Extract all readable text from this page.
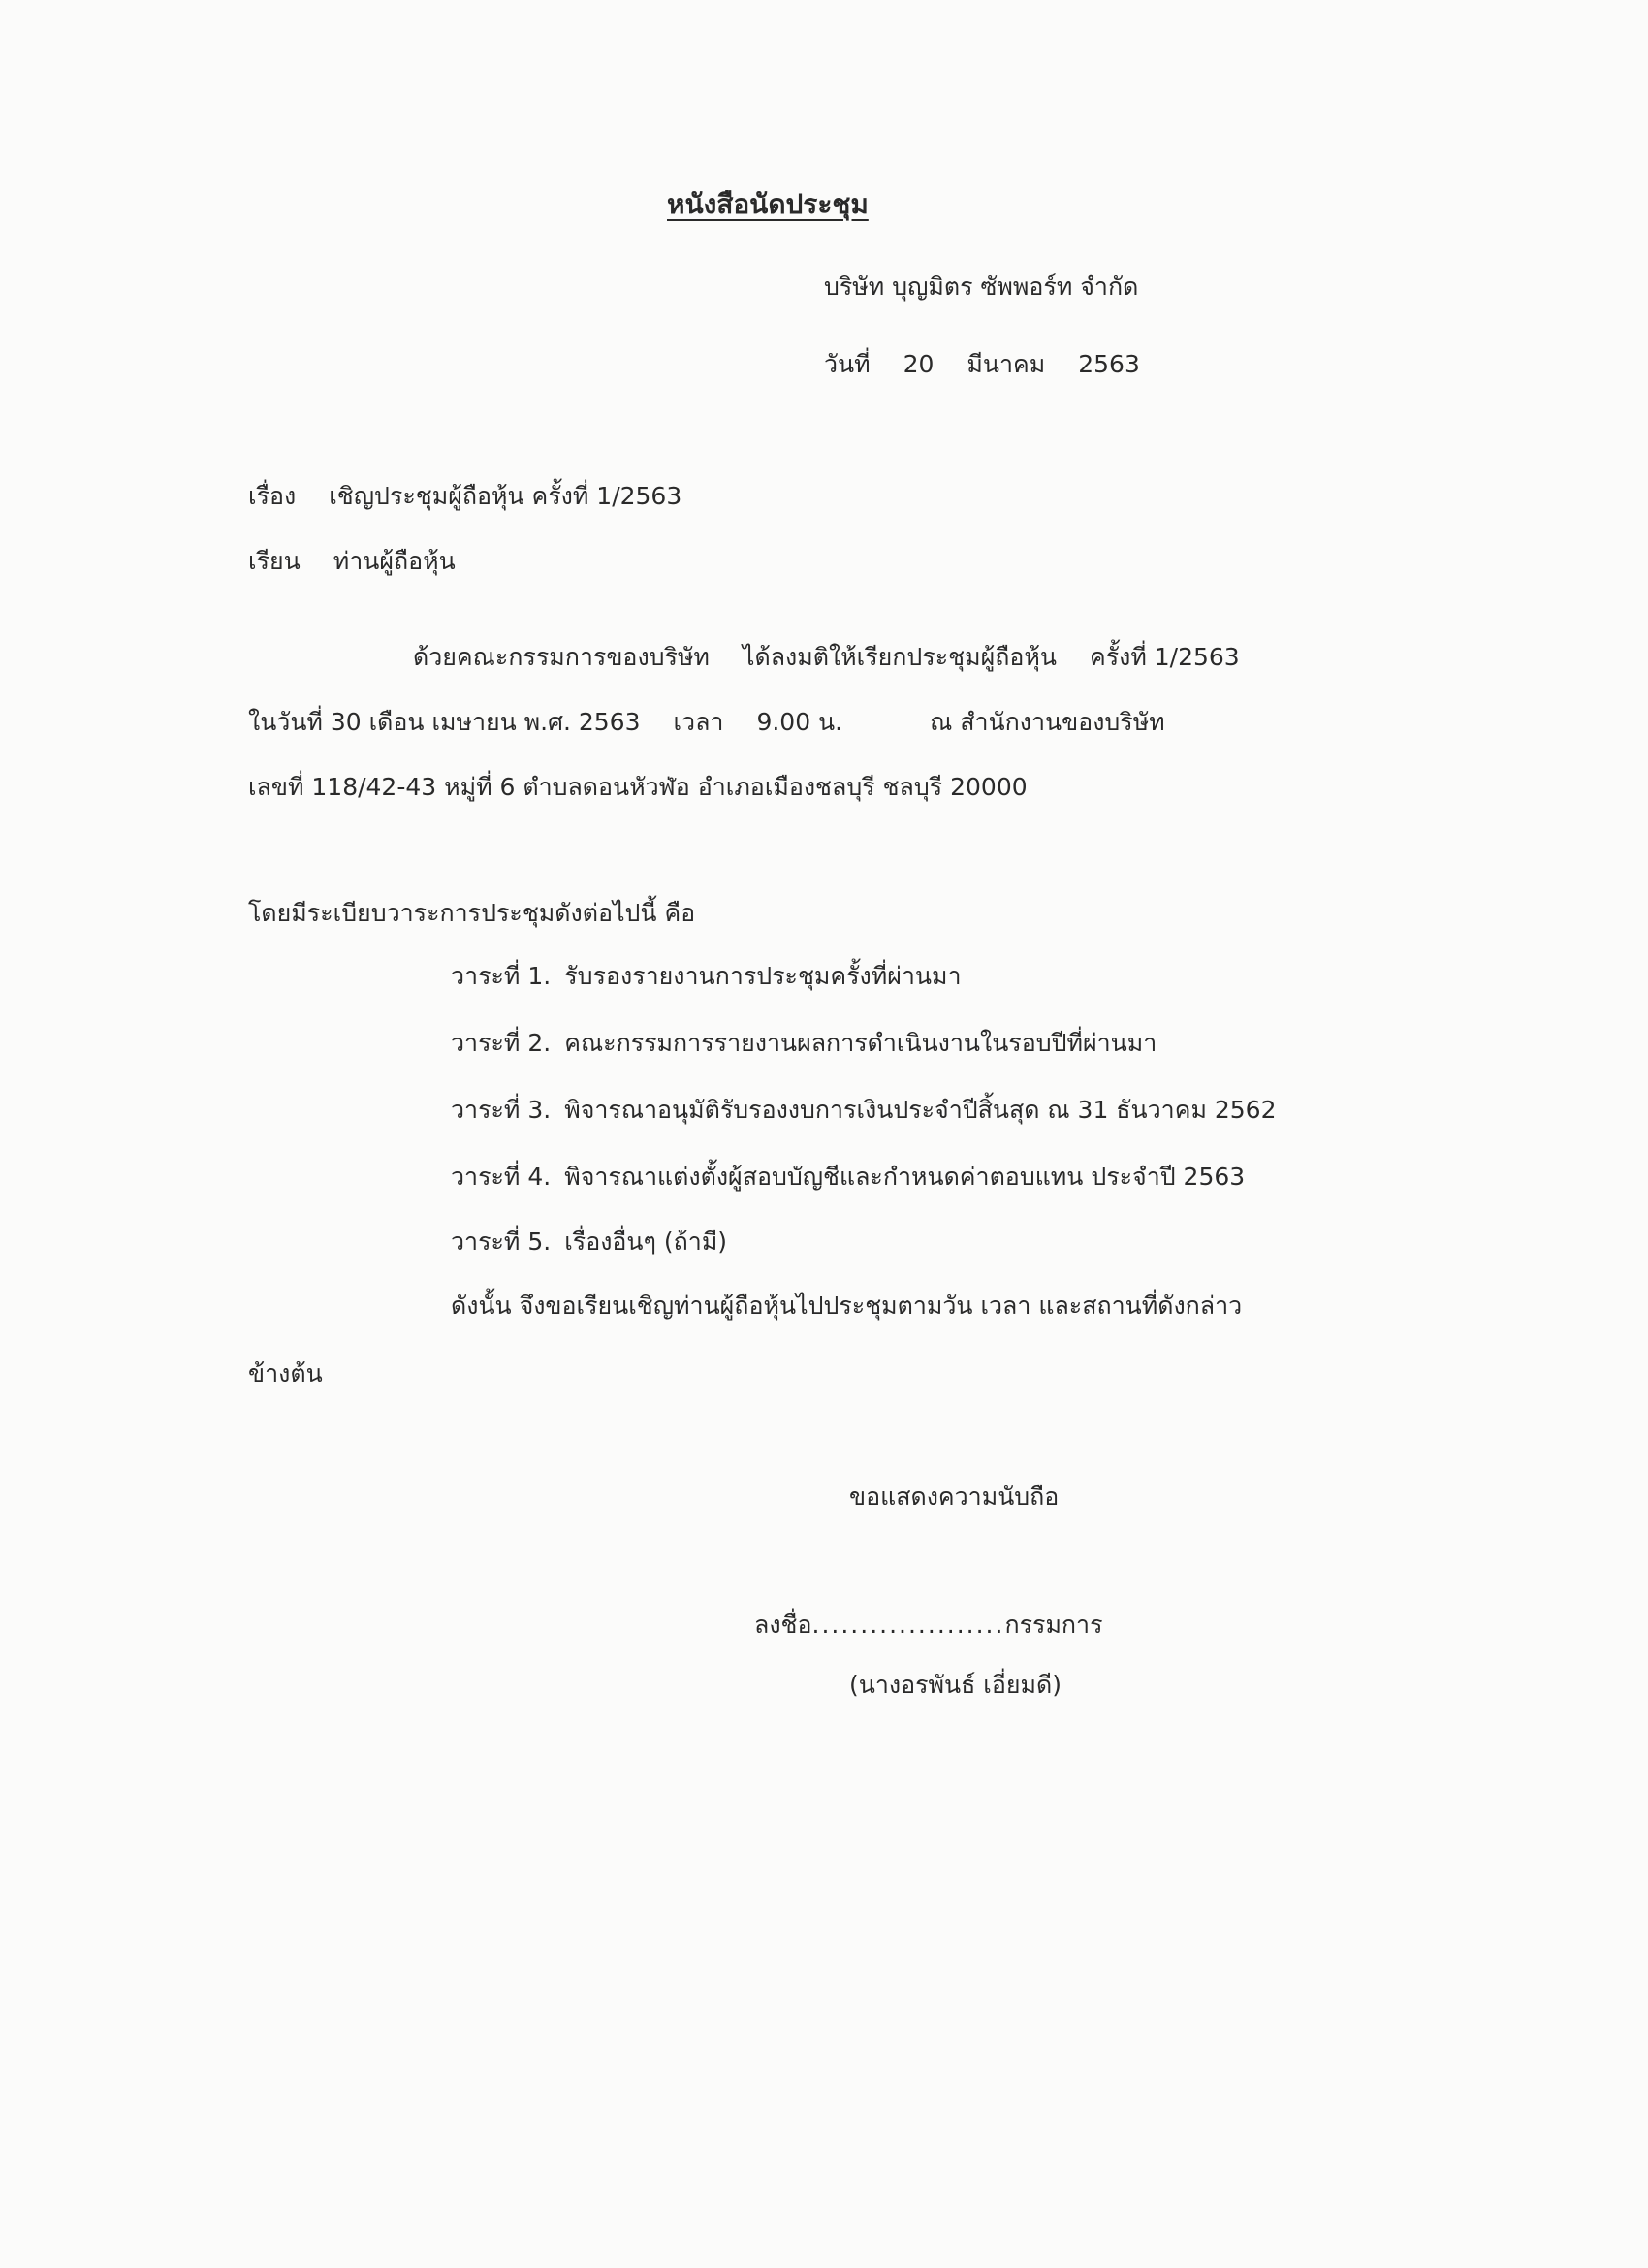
หนังสือนัดประชุม
บริษัท บุญมิตร ซัพพอร์ท จำกัด
วันที่ 20 มีนาคม 2563
เรื่อง เชิญประชุมผู้ถือหุ้น ครั้งที่ 1/2563
เรียน ท่านผู้ถือหุ้น
ด้วยคณะกรรมการของบริษัท ได้ลงมติให้เรียกประชุมผู้ถือหุ้น ครั้งที่ 1/2563
ในวันที่ 30 เดือน เมษายน พ.ศ. 2563 เวลา 9.00 น.	ณ สำนักงานของบริษัท
เลขที่ 118/42-43 หมู่ที่ 6 ตำบลดอนหัวฬ่อ อำเภอเมืองชลบุรี ชลบุรี 20000
โดยมีระเบียบวาระการประชุมดังต่อไปนี้ คือ
วาระที่ 1. รับรองรายงานการประชุมครั้งที่ผ่านมา
วาระที่ 2. คณะกรรมการรายงานผลการดำเนินงานในรอบปีที่ผ่านมา
วาระที่ 3. พิจารณาอนุมัติรับรองงบการเงินประจำปีสิ้นสุด ณ 31 ธันวาคม 2562
วาระที่ 4. พิจารณาแต่งตั้งผู้สอบบัญชีและกำหนดค่าตอบแทน ประจำปี 2563
วาระที่ 5. เรื่องอื่นๆ (ถ้ามี)
ดังนั้น จึงขอเรียนเชิญท่านผู้ถือหุ้นไปประชุมตามวัน เวลา และสถานที่ดังกล่าว
ข้างต้น
ขอแสดงความนับถือ
ลงชื่อ....................กรรมการ
(นางอรพันธ์ เอี่ยมดี)
